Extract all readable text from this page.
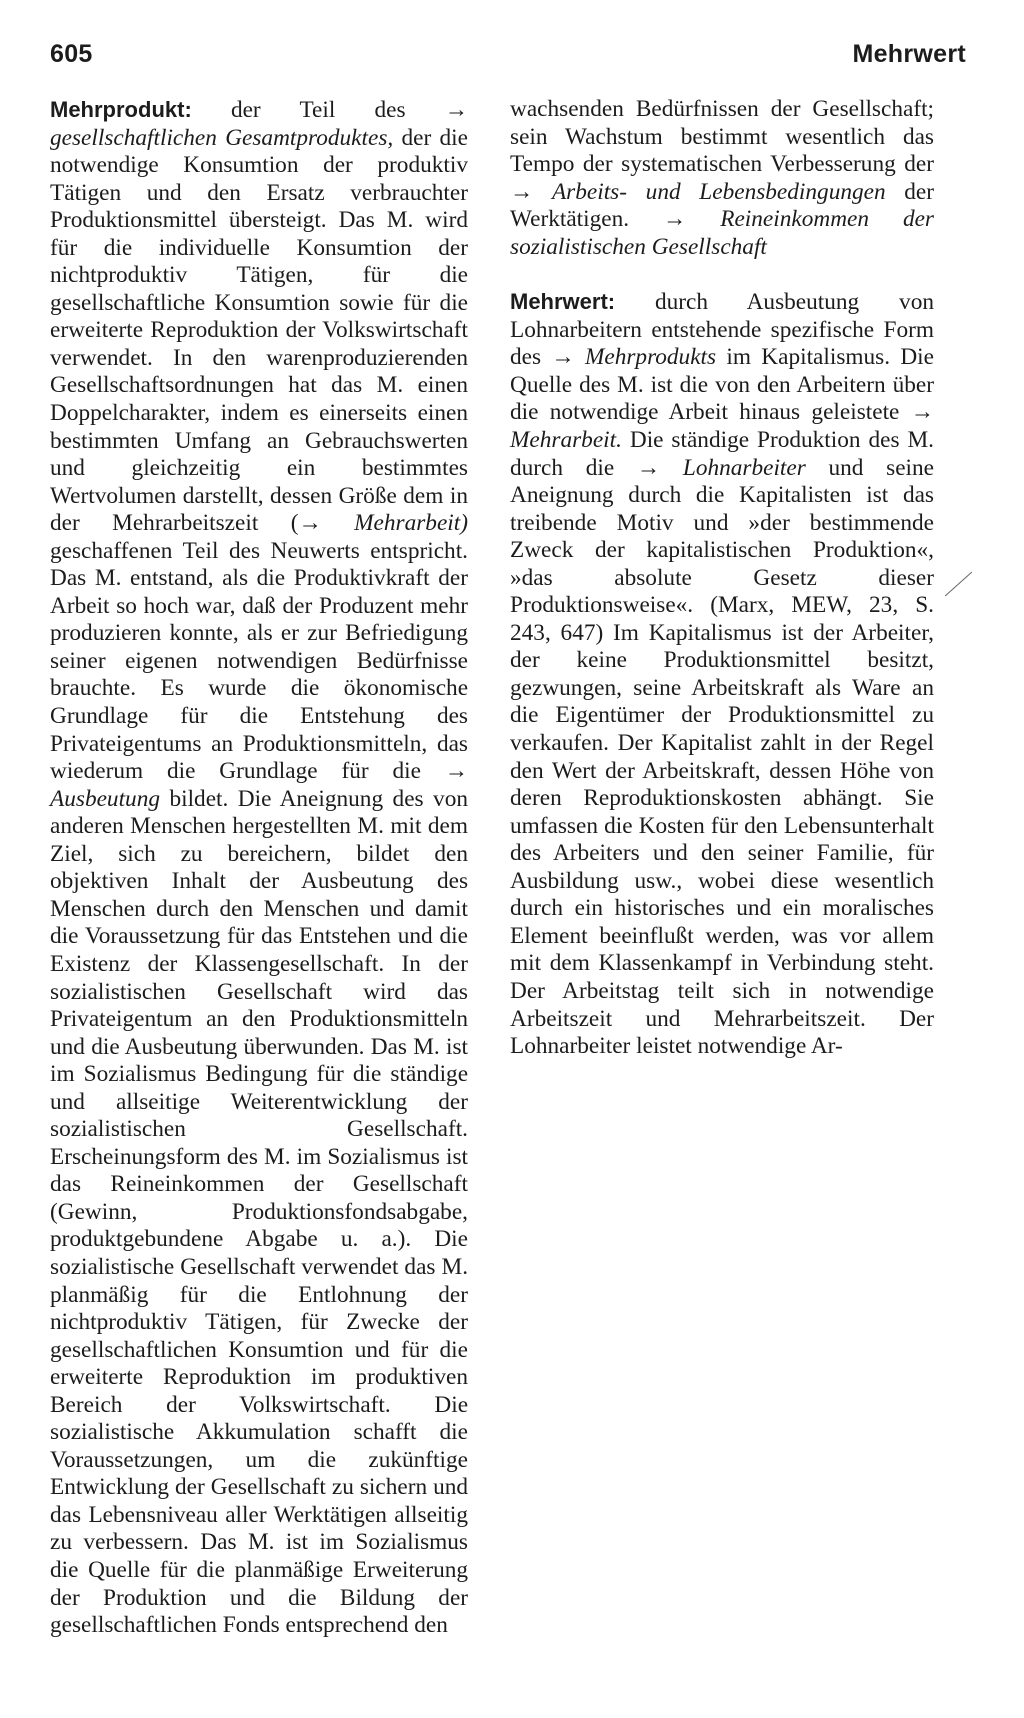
605	Mehrwert

Mehrprodukt: der Teil des → gesellschaftlichen Gesamtproduktes, der die notwendige Konsumtion der produktiv Tätigen und den Ersatz verbrauchter Produktionsmittel übersteigt. Das M. wird für die individuelle Konsumtion der nichtproduktiv Tätigen, für die gesellschaftliche Konsumtion sowie für die erweiterte Reproduktion der Volkswirtschaft verwendet. In den warenproduzierenden Gesellschaftsordnungen hat das M. einen Doppelcharakter, indem es einerseits einen bestimmten Umfang an Gebrauchswerten und gleichzeitig ein bestimmtes Wertvolumen darstellt, dessen Größe dem in der Mehrarbeitszeit (→ Mehrarbeit) geschaffenen Teil des Neuwerts entspricht. Das M. entstand, als die Produktivkraft der Arbeit so hoch war, daß der Produzent mehr produzieren konnte, als er zur Befriedigung seiner eigenen notwendigen Bedürfnisse brauchte. Es wurde die ökonomische Grundlage für die Entstehung des Privateigentums an Produktionsmitteln, das wiederum die Grundlage für die → Ausbeutung bildet. Die Aneignung des von anderen Menschen hergestellten M. mit dem Ziel, sich zu bereichern, bildet den objektiven Inhalt der Ausbeutung des Menschen durch den Menschen und damit die Voraussetzung für das Entstehen und die Existenz der Klassengesellschaft. In der sozialistischen Gesellschaft wird das Privateigentum an den Produktionsmitteln und die Ausbeutung überwunden. Das M. ist im Sozialismus Bedingung für die ständige und allseitige Weiterentwicklung der sozialistischen	Gesellschaft. Erscheinungsform des M. im Sozialismus ist das Reineinkommen der Gesellschaft (Gewinn,	Produktionsfondsabgabe, produktgebundene Abgabe u. a.). Die sozialistische Gesellschaft verwendet das M. planmäßig für die Entlohnung der nichtproduktiv Tätigen, für Zwecke der gesellschaftlichen Konsumtion und für die erweiterte Reproduktion im produktiven Bereich der Volkswirtschaft. Die sozialistische Akkumulation schafft die Voraussetzungen, um die zukünftige Entwicklung der Gesellschaft zu sichern und das Lebensniveau aller Werktätigen allseitig zu verbessern. Das M. ist im Sozialismus die Quelle für die planmäßige Erweiterung der Produktion und die Bildung der gesellschaftlichen Fonds entsprechend den

wachsenden Bedürfnissen der Gesellschaft; sein Wachstum bestimmt wesentlich das Tempo der systematischen Verbesserung der → Arbeits- und Lebensbedingungen der Werktätigen. → Reineinkommen der sozialistischen Gesellschaft

Mehrwert: durch Ausbeutung von Lohnarbeitern entstehende spezifische Form des → Mehrprodukts im Kapitalismus. Die Quelle des M. ist die von den Arbeitern über die notwendige Arbeit hinaus geleistete → Mehrarbeit. Die ständige Produktion des M. durch die → Lohnarbeiter und seine Aneignung durch die Kapitalisten ist das treibende Motiv und »der bestimmende Zweck der kapitalistischen Produktion«, »das absolute Gesetz dieser Produktionsweise«. (Marx, MEW, 23, S. 243, 647) Im Kapitalismus ist der Arbeiter, der keine Produktionsmittel besitzt, gezwungen, seine Arbeitskraft als Ware an die Eigentümer der Produktionsmittel zu verkaufen. Der Kapitalist zahlt in der Regel den Wert der Arbeitskraft, dessen Höhe von deren Reproduktionskosten abhängt. Sie umfassen die Kosten für den Lebensunterhalt des Arbeiters und den seiner Familie, für Ausbildung usw., wobei diese wesentlich durch ein historisches und ein moralisches Element beeinflußt werden, was vor allem mit dem Klassenkampf in Verbindung steht. Der Arbeitstag teilt sich in notwendige Arbeitszeit und Mehrarbeitszeit. Der Lohnarbeiter leistet notwendige Ar-
